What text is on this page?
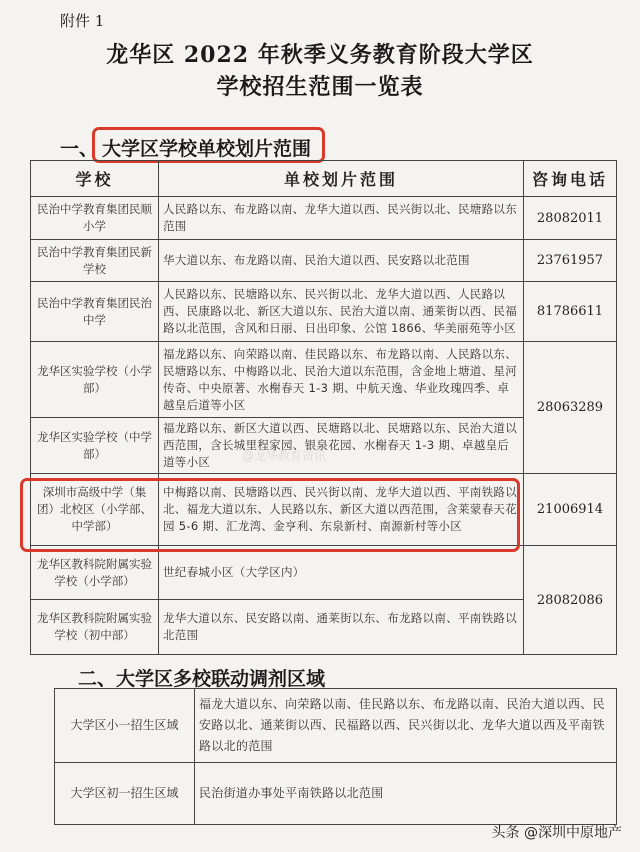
附件 1
龙华区 2022 年秋季义务教育阶段大学区
学校招生范围一览表
一、 大学区学校单校划片范围
学校	单校划片范围	咨询电话
民治中学教育集团民顺小学	人民路以东、布龙路以南、龙华大道以西、民兴街以北、民塘路以东范围	28082011
民治中学教育集团民新学校	华大道以东、布龙路以南、民治大道以西、民安路以北范围	23761957
民治中学教育集团民治中学	人民路以东、民塘路以东、民兴街以北、龙华大道以西、人民路以西、民康路以北、新区大道以东、民治大道以南、通莱街以西、民福路以北范围，含风和日丽、日出印象、公馆 1866、华美丽苑等小区	81786611
龙华区实验学校（小学部）	福龙路以东、向荣路以南、佳民路以东、布龙路以南、人民路以东、民塘路以东、中梅路以北、民治大道以东范围，含金地上塘道、星河传奇、中央原著、水榭春天 1-3 期、中航天逸、华业玫瑰四季、卓越皇后道等小区	28063289
龙华区实验学校（中学部）	福龙路以东、新区大道以西、民塘路以北、民塘路以东、民治大道以西范围，含长城里程家园、银泉花园、水榭春天 1-3 期、卓越皇后道等小区	
深圳市高级中学（集团）北校区（小学部、中学部）	中梅路以南、民塘路以西、民兴街以南、龙华大道以西、平南铁路以北、福龙大道以东、人民路以东、新区大道以西范围，含莱蒙春天花园 5-6 期、汇龙湾、金亨利、东泉新村、南源新村等小区	21006914
龙华区教科院附属实验学校（小学部）	世纪春城小区（大学区内）	28082086
龙华区教科院附属实验学校（初中部）	龙华大道以东、民安路以南、通莱街以东、布龙路以南、平南铁路以北范围	
二、大学区多校联动调剂区域
大学区小一招生区域	福龙大道以东、向荣路以南、佳民路以东、布龙路以南、民治大道以西、民安路以北、通莱街以西、民福路以西、民兴街以北、龙华大道以西及平南铁路以北的范围
大学区初一招生区域	民治街道办事处平南铁路以北范围
@龙华教育资讯
头条 @深圳中原地产
